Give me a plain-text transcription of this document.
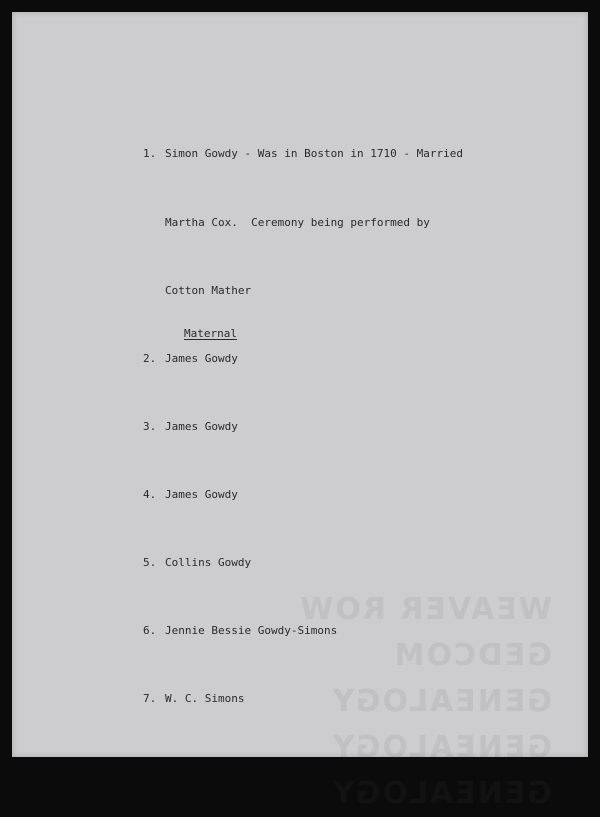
WEAVER ROW
GEDCOM GENEALOGY
GENEALOGY GENEALOGY

1. Simon Gowdy - Was in Boston in 1710 - Married

Martha Cox.  Ceremony being performed by

Cotton Mather

2. James Gowdy

3. James Gowdy

4. James Gowdy

5. Collins Gowdy

6. Jennie Bessie Gowdy-Simons

7. W. C. Simons

Maternal
